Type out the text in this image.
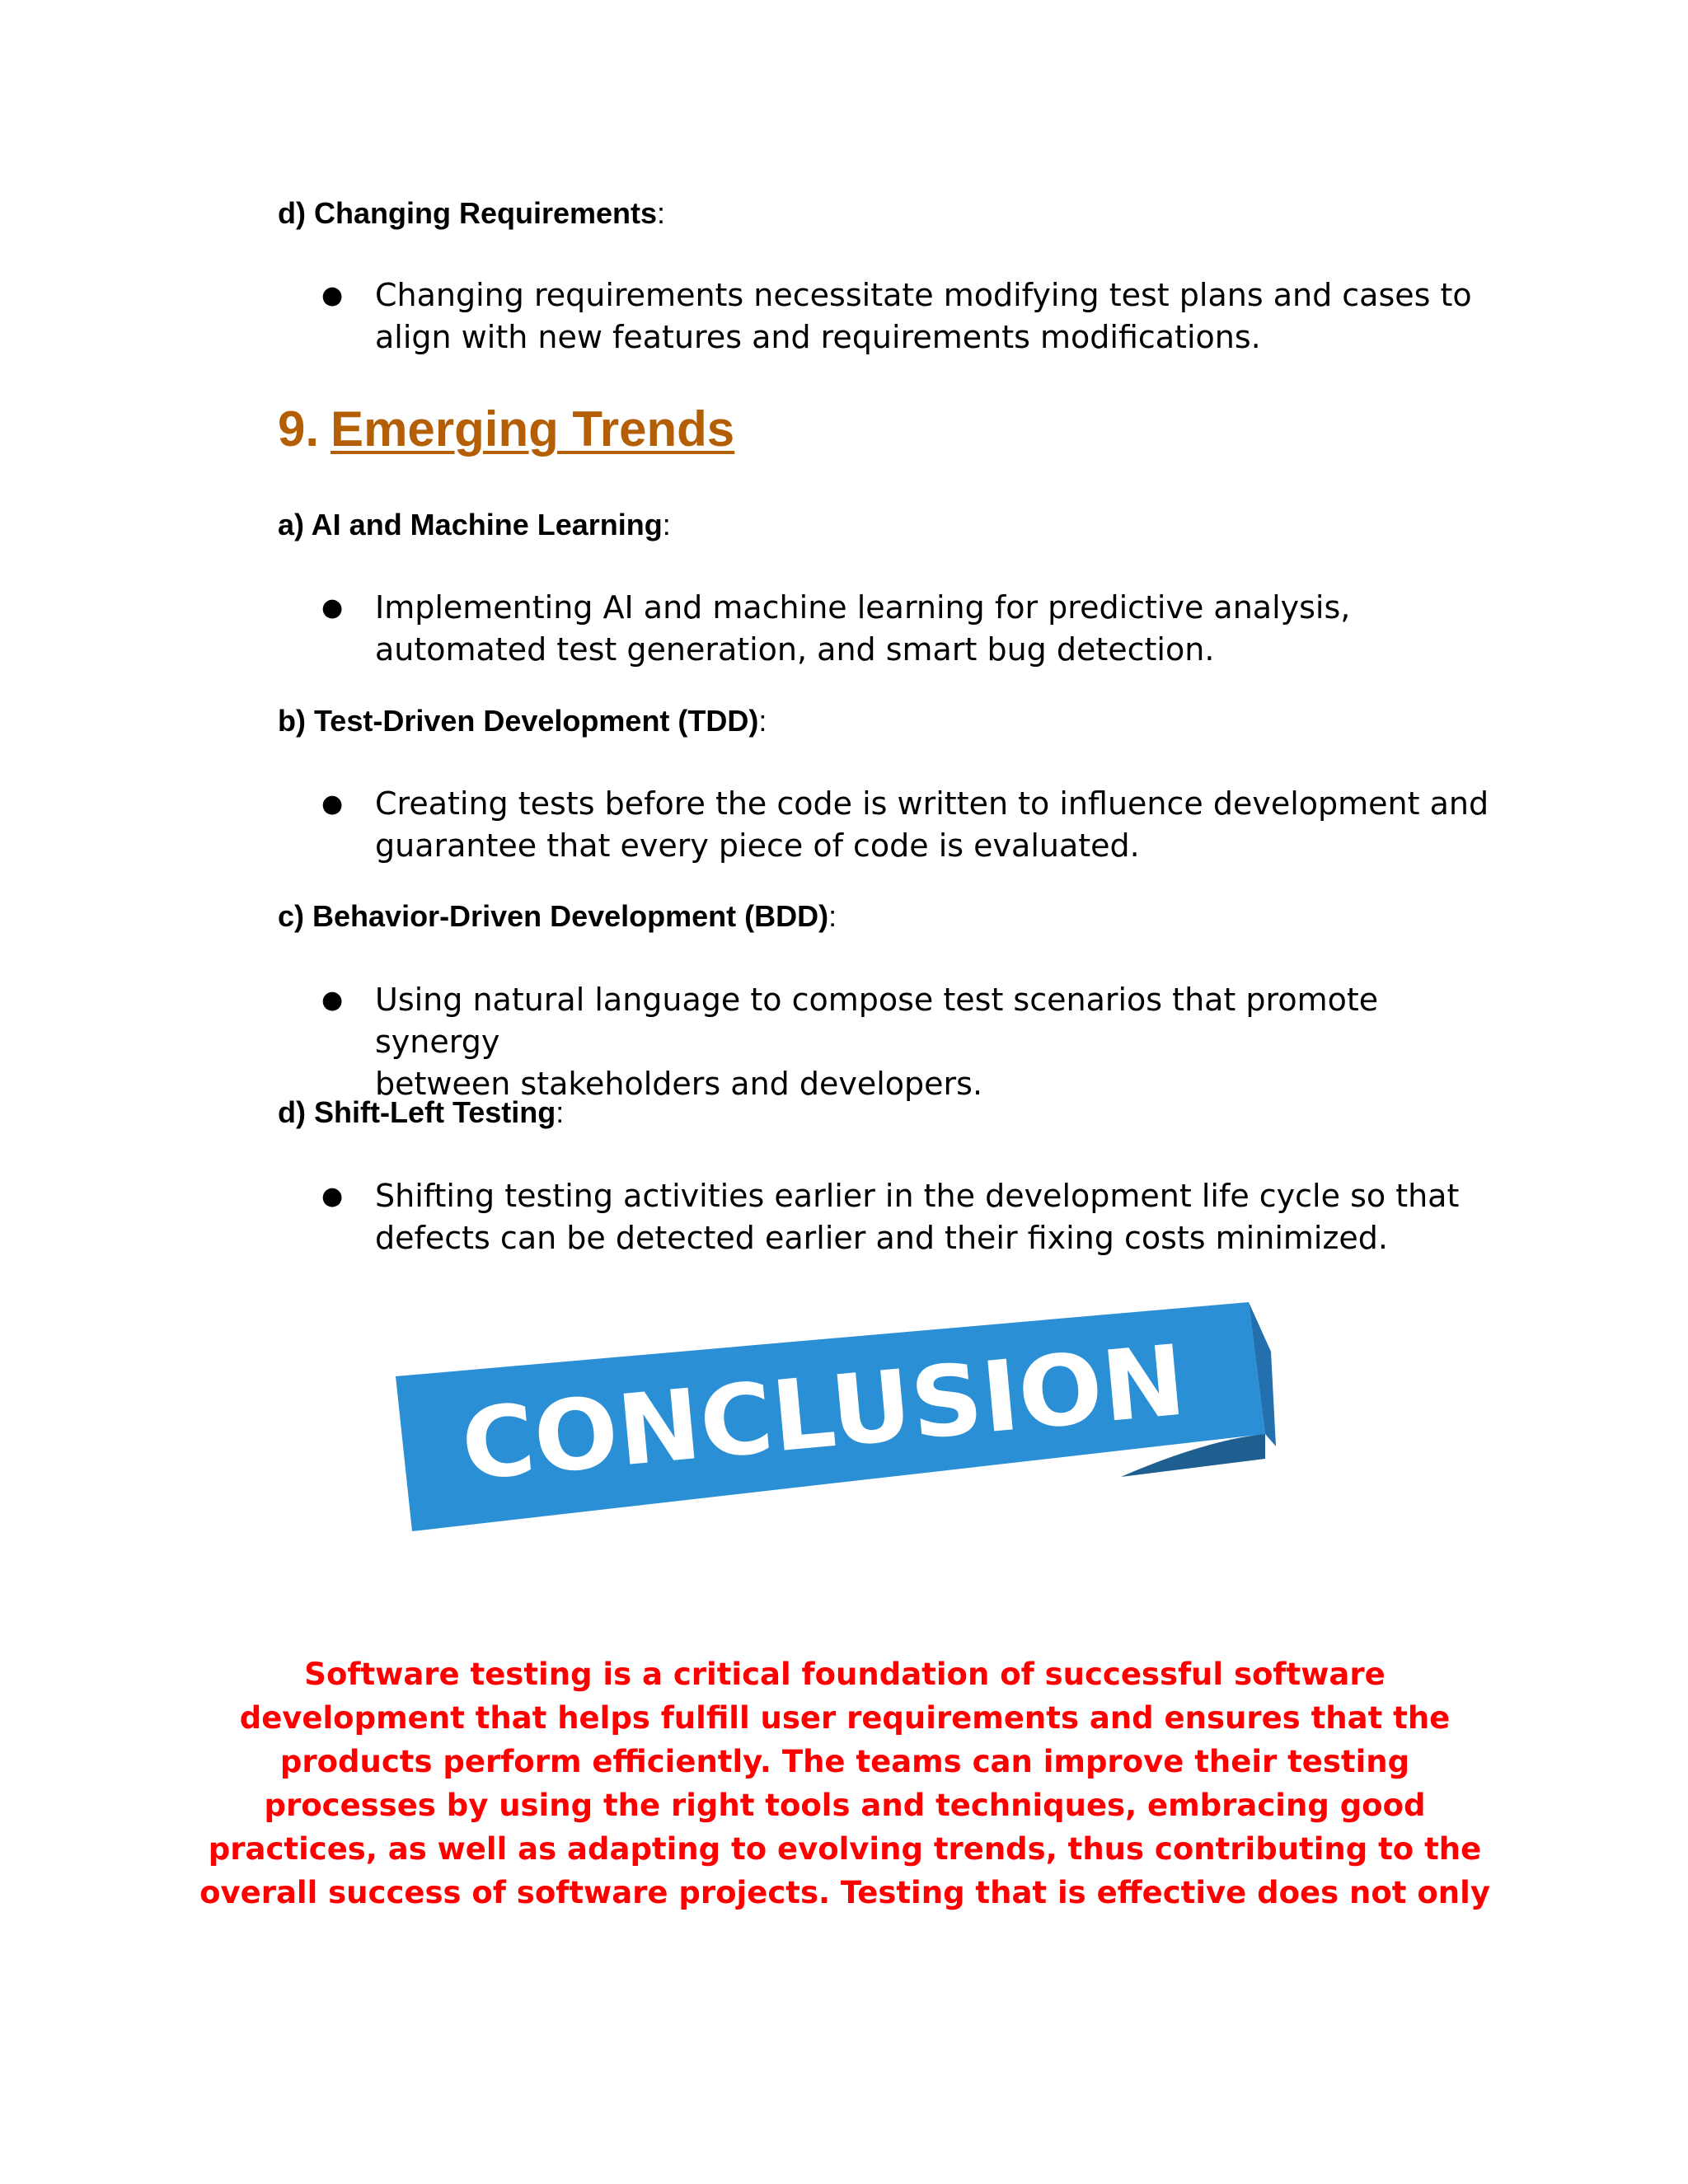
d) Changing Requirements:
● Changing requirements necessitate modifying test plans and cases to
align with new features and requirements modifications.
9. Emerging Trends
a) AI and Machine Learning:
● Implementing AI and machine learning for predictive analysis,
automated test generation, and smart bug detection.
b) Test-Driven Development (TDD):
● Creating tests before the code is written to influence development and
guarantee that every piece of code is evaluated.
c) Behavior-Driven Development (BDD):
● Using natural language to compose test scenarios that promote synergy
between stakeholders and developers.
d) Shift-Left Testing:
● Shifting testing activities earlier in the development life cycle so that
defects can be detected earlier and their fixing costs minimized.
CONCLUSION
Software testing is a critical foundation of successful software
development that helps fulfill user requirements and ensures that the
products perform efficiently. The teams can improve their testing
processes by using the right tools and techniques, embracing good
practices, as well as adapting to evolving trends, thus contributing to the
overall success of software projects. Testing that is effective does not only
